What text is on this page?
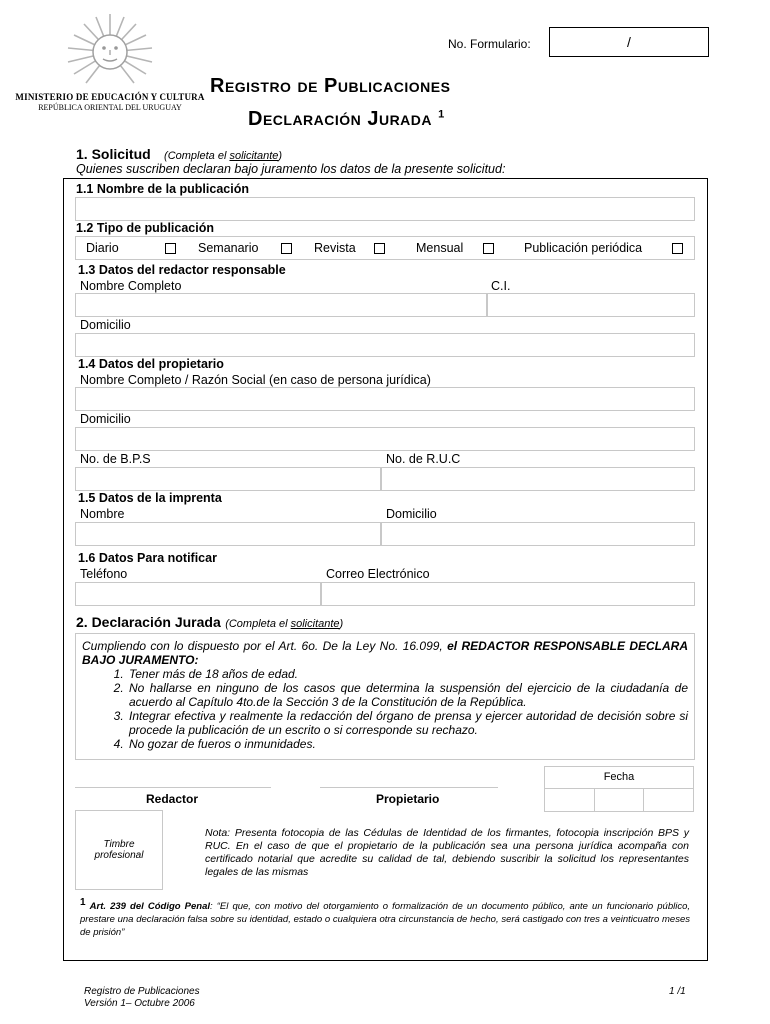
MINISTERIO DE EDUCACIÓN Y CULTURA
REPÚBLICA ORIENTAL DEL URUGUAY
No. Formulario:	/
Registro de Publicaciones
Declaración Jurada $^1$
1. Solicitud (Completa el solicitante)
Quienes suscriben declaran bajo juramento los datos de la presente solicitud:
1.1 Nombre de la publicación
1.2 Tipo de publicación
Diario	Semanario	Revista	Mensual	Publicación periódica
1.3 Datos del redactor responsable
Nombre Completo	C.I.
Domicilio
1.4 Datos del propietario
Nombre Completo / Razón Social (en caso de persona jurídica)
Domicilio
No. de B.P.S	No. de R.U.C
1.5 Datos de la imprenta
Nombre	Domicilio
1.6 Datos Para notificar
Teléfono	Correo Electrónico
2. Declaración Jurada (Completa el solicitante)
Cumpliendo con lo dispuesto por el Art. 6o. De la Ley No. 16.099, el REDACTOR RESPONSABLE DECLARA BAJO JURAMENTO:
1. Tener más de 18 años de edad.
2. No hallarse en ninguno de los casos que determina la suspensión del ejercicio de la ciudadanía de acuerdo al Capítulo 4to.de la Sección 3 de la Constitución de la República.
3. Integrar efectiva y realmente la redacción del órgano de prensa y ejercer autoridad de decisión sobre si procede la publicación de un escrito o si corresponde su rechazo.
4. No gozar de fueros o inmunidades.
Fecha
Redactor	Propietario
Timbre
profesional
Nota: Presenta fotocopia de las Cédulas de Identidad de los firmantes, fotocopia inscripción BPS y RUC. En el caso de que el propietario de la publicación sea una persona jurídica acompaña con certificado notarial que acredite su calidad de tal, debiendo suscribir la solicitud los representantes legales de las mismas
$^1$ Art. 239 del Código Penal: “El que, con motivo del otorgamiento o formalización de un documento público, ante un funcionario público, prestare una declaración falsa sobre su identidad, estado o cualquiera otra circunstancia de hecho, será castigado con tres a veinticuatro meses de prisión”
Registro de Publicaciones
Versión 1– Octubre 2006
1 /1
